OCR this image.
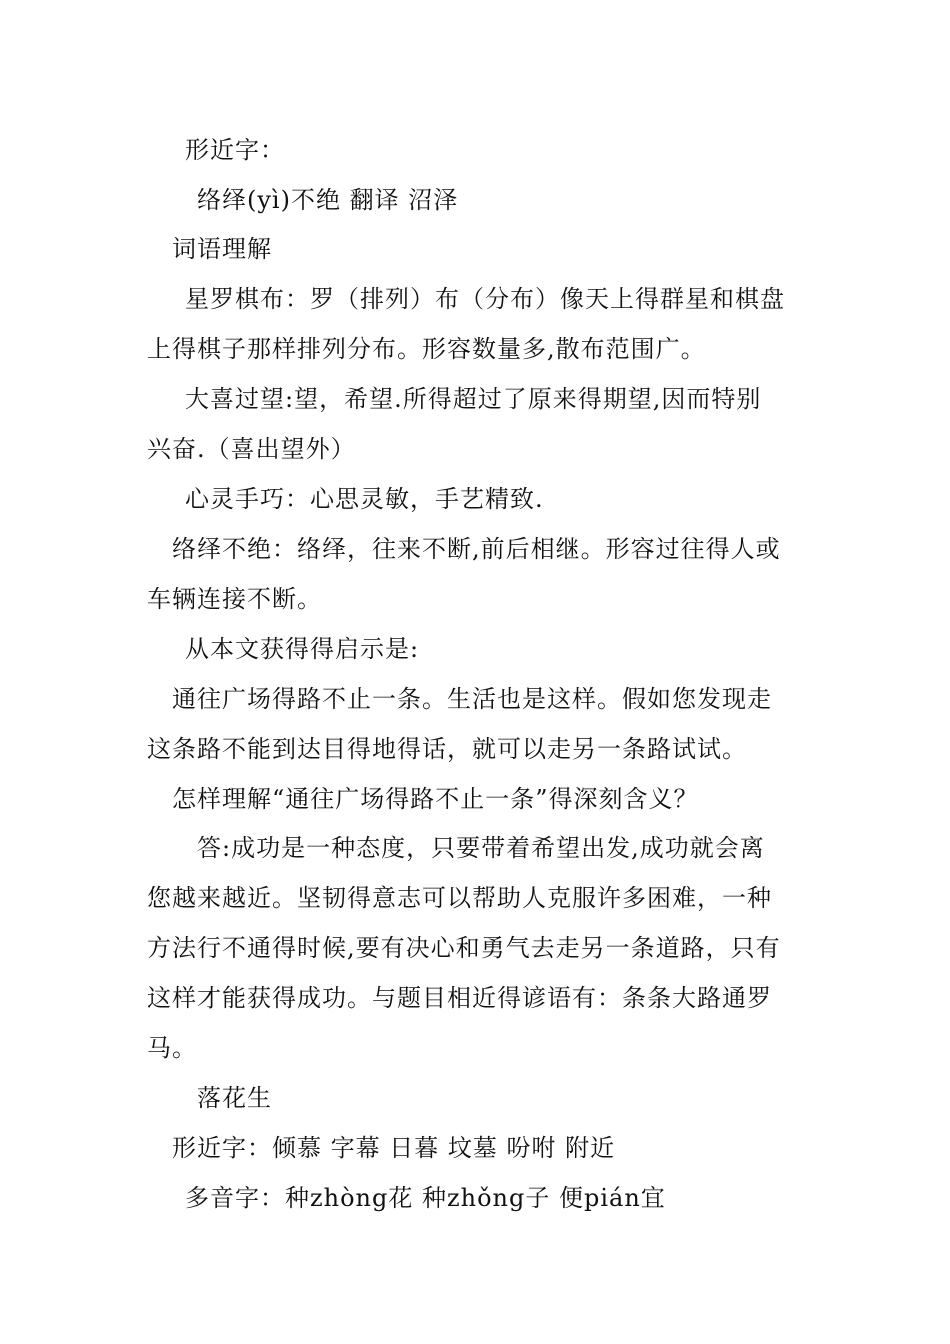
形近字：
络绎(yì)不绝 翻译 沼泽
词语理解
星罗棋布：罗（排列）布（分布）像天上得群星和棋盘
上得棋子那样排列分布。形容数量多,散布范围广。
大喜过望:望，希望.所得超过了原来得期望,因而特别
兴奋.（喜出望外）
心灵手巧：心思灵敏，手艺精致.
络绎不绝：络绎，往来不断,前后相继。形容过往得人或
车辆连接不断。
从本文获得得启示是:
通往广场得路不止一条。生活也是这样。假如您发现走
这条路不能到达目得地得话，就可以走另一条路试试。
怎样理解“通往广场得路不止一条”得深刻含义？
答:成功是一种态度，只要带着希望出发,成功就会离
您越来越近。坚韧得意志可以帮助人克服许多困难，一种
方法行不通得时候,要有决心和勇气去走另一条道路，只有
这样才能获得成功。与题目相近得谚语有：条条大路通罗
马。
落花生
形近字：倾慕 字幕 日暮 坟墓 吩咐 附近
多音字：种zhòng花 种zhǒng子 便pián宜
